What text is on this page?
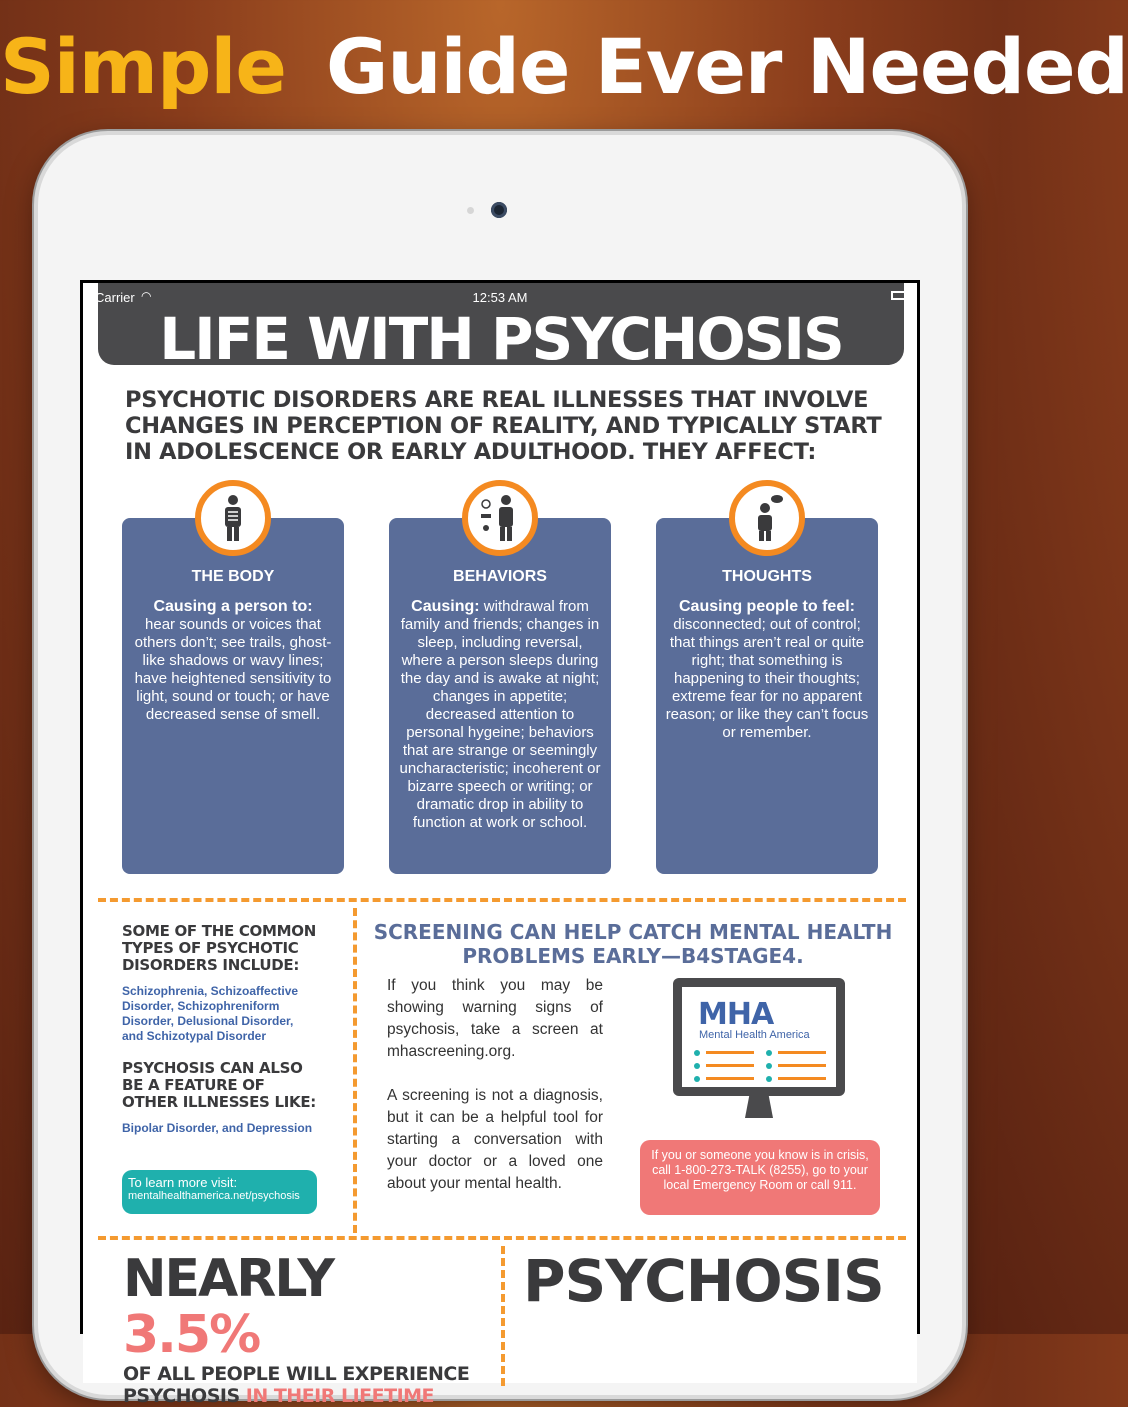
Simple Guide Ever Needed
LIFE WITH PSYCHOSIS
Carrier ◠	12:53 AM
PSYCHOTIC DISORDERS ARE REAL ILLNESSES THAT INVOLVE CHANGES IN PERCEPTION OF REALITY, AND TYPICALLY START IN ADOLESCENCE OR EARLY ADULTHOOD. THEY AFFECT:
THE BODY
Causing a person to:
hear sounds or voices that others don’t; see trails, ghost-like shadows or wavy lines; have heightened sensitivity to light, sound or touch; or have decreased sense of smell.
BEHAVIORS
Causing: withdrawal from family and friends; changes in sleep, including reversal, where a person sleeps during the day and is awake at night; changes in appetite; decreased attention to personal hygeine; behaviors that are strange or seemingly uncharacteristic; incoherent or bizarre speech or writing; or dramatic drop in ability to function at work or school.
THOUGHTS
Causing people to feel:
disconnected; out of control; that things aren’t real or quite right; that something is happening to their thoughts; extreme fear for no apparent reason; or like they can’t focus or remember.
SOME OF THE COMMON TYPES OF PSYCHOTIC DISORDERS INCLUDE:
Schizophrenia, Schizoaffective Disorder, Schizophreniform Disorder, Delusional Disorder, and Schizotypal Disorder
PSYCHOSIS CAN ALSO BE A FEATURE OF OTHER ILLNESSES LIKE:
Bipolar Disorder, and Depression
To learn more visit:
mentalhealthamerica.net/psychosis
SCREENING CAN HELP CATCH MENTAL HEALTH PROBLEMS EARLY—B4STAGE4.

If you think you may be showing warning signs of psychosis, take a screen at mhascreening.org.

A screening is not a diagnosis, but it can be a helpful tool for starting a conversation with your doctor or a loved one about your mental health.

MHA
Mental Health America
If you or someone you know is in crisis, call 1-800-273-TALK (8255), go to your local Emergency Room or call 911.
NEARLY 3.5%
OF ALL PEOPLE WILL EXPERIENCE
PSYCHOSIS IN THEIR LIFETIME
PSYCHOSIS
